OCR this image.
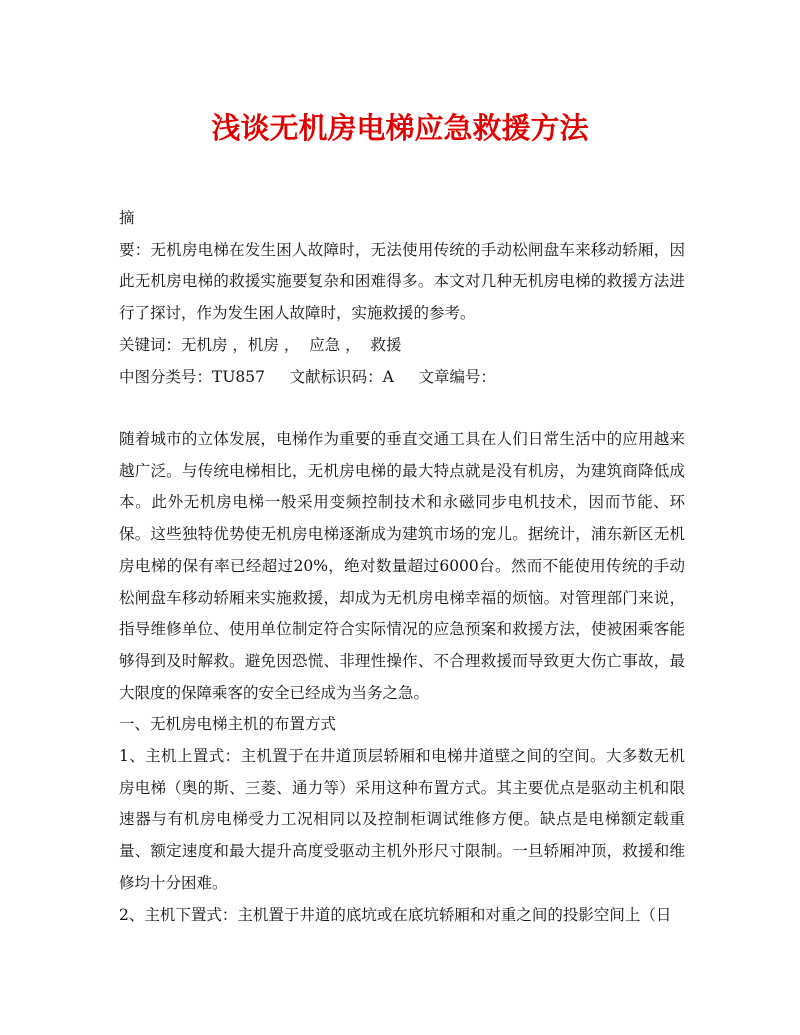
浅谈无机房电梯应急救援方法

摘

要：无机房电梯在发生困人故障时，无法使用传统的手动松闸盘车来移动轿厢，因此无机房电梯的救援实施要复杂和困难得多。本文对几种无机房电梯的救援方法进行了探讨，作为发生困人故障时，实施救援的参考。

关键词：无机房 ，机房 ，  应急 ，  救援

中图分类号：TU857     文献标识码：A     文章编号：

随着城市的立体发展，电梯作为重要的垂直交通工具在人们日常生活中的应用越来越广泛。与传统电梯相比，无机房电梯的最大特点就是没有机房，为建筑商降低成本。此外无机房电梯一般采用变频控制技术和永磁同步电机技术，因而节能、环保。这些独特优势使无机房电梯逐渐成为建筑市场的宠儿。据统计，浦东新区无机房电梯的保有率已经超过20%，绝对数量超过6000台。然而不能使用传统的手动松闸盘车移动轿厢来实施救援，却成为无机房电梯幸福的烦恼。对管理部门来说，指导维修单位、使用单位制定符合实际情况的应急预案和救援方法，使被困乘客能够得到及时解救。避免因恐慌、非理性操作、不合理救援而导致更大伤亡事故，最大限度的保障乘客的安全已经成为当务之急。

一、无机房电梯主机的布置方式

1、主机上置式：主机置于在井道顶层轿厢和电梯井道壁之间的空间。大多数无机房电梯（奥的斯、三菱、通力等）采用这种布置方式。其主要优点是驱动主机和限速器与有机房电梯受力工况相同以及控制柜调试维修方便。缺点是电梯额定载重量、额定速度和最大提升高度受驱动主机外形尺寸限制。一旦轿厢冲顶，救援和维修均十分困难。

2、主机下置式：主机置于井道的底坑或在底坑轿厢和对重之间的投影空间上（日
